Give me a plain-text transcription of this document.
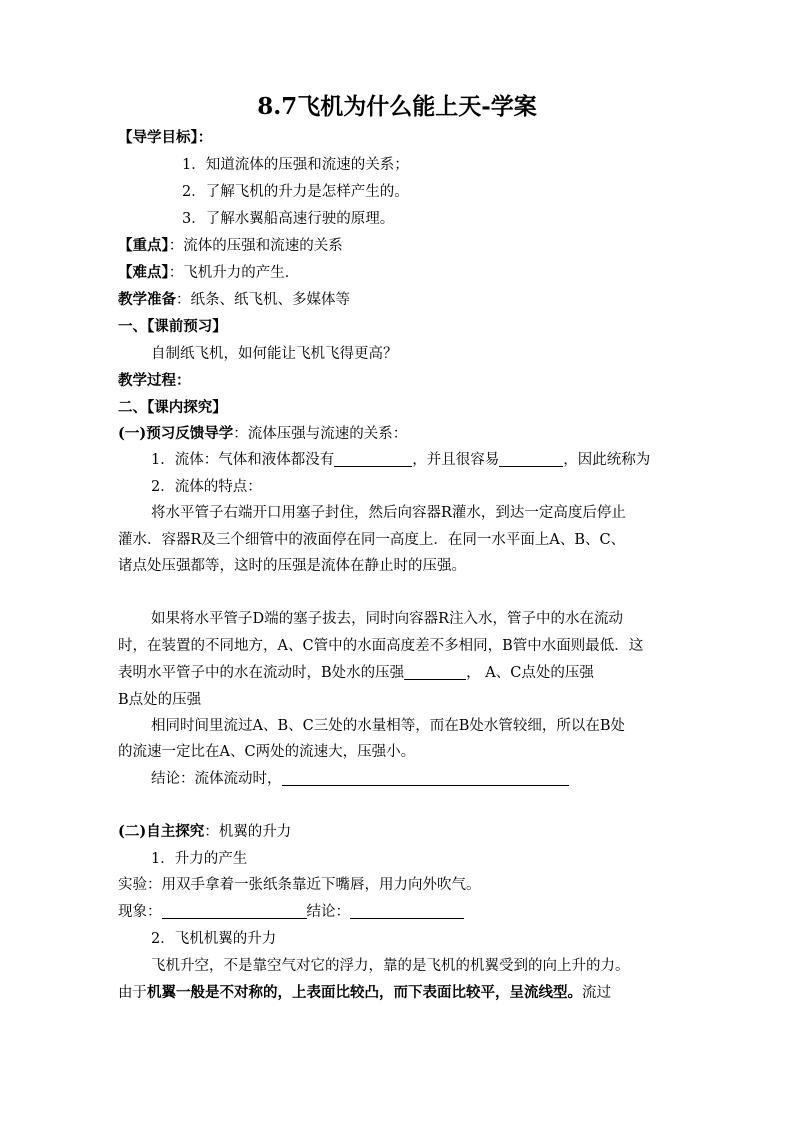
8.7飞机为什么能上天-学案
【导学目标】：
1．知道流体的压强和流速的关系；
2．了解飞机的升力是怎样产生的。
3．了解水翼船高速行驶的原理。
【重点】：流体的压强和流速的关系
【难点】：飞机升力的产生．
教学准备：纸条、纸飞机、多媒体等
一、【课前预习】
自制纸飞机，如何能让飞机飞得更高？
教学过程：
二、【课内探究】
(一)预习反馈导学：流体压强与流速的关系：
1．流体：气体和液体都没有	，并且很容易	，因此统称为
2．流体的特点：
将水平管子右端开口用塞子封住，然后向容器R灌水，到达一定高度后停止
灌水．容器R及三个细管中的液面停在同一高度上．在同一水平面上A、B、C、
诸点处压强都等，这时的压强是流体在静止时的压强。
如果将水平管子D端的塞子拔去，同时向容器R注入水，管子中的水在流动
时，在装置的不同地方，A、C管中的水面高度差不多相同，B管中水面则最低．这
表明水平管子中的水在流动时，B处水的压强	， A、C点处的压强
B点处的压强
相同时间里流过A、B、C三处的水量相等，而在B处水管较细，所以在B处
的流速一定比在A、C两处的流速大，压强小。
结论：流体流动时，
(二)自主探究：机翼的升力
1．升力的产生
实验：用双手拿着一张纸条靠近下嘴唇，用力向外吹气。
现象：	结论：
2．飞机机翼的升力
飞机升空，不是靠空气对它的浮力，靠的是飞机的机翼受到的向上升的力。
由于机翼一般是不对称的，上表面比较凸，而下表面比较平，呈流线型。流过
